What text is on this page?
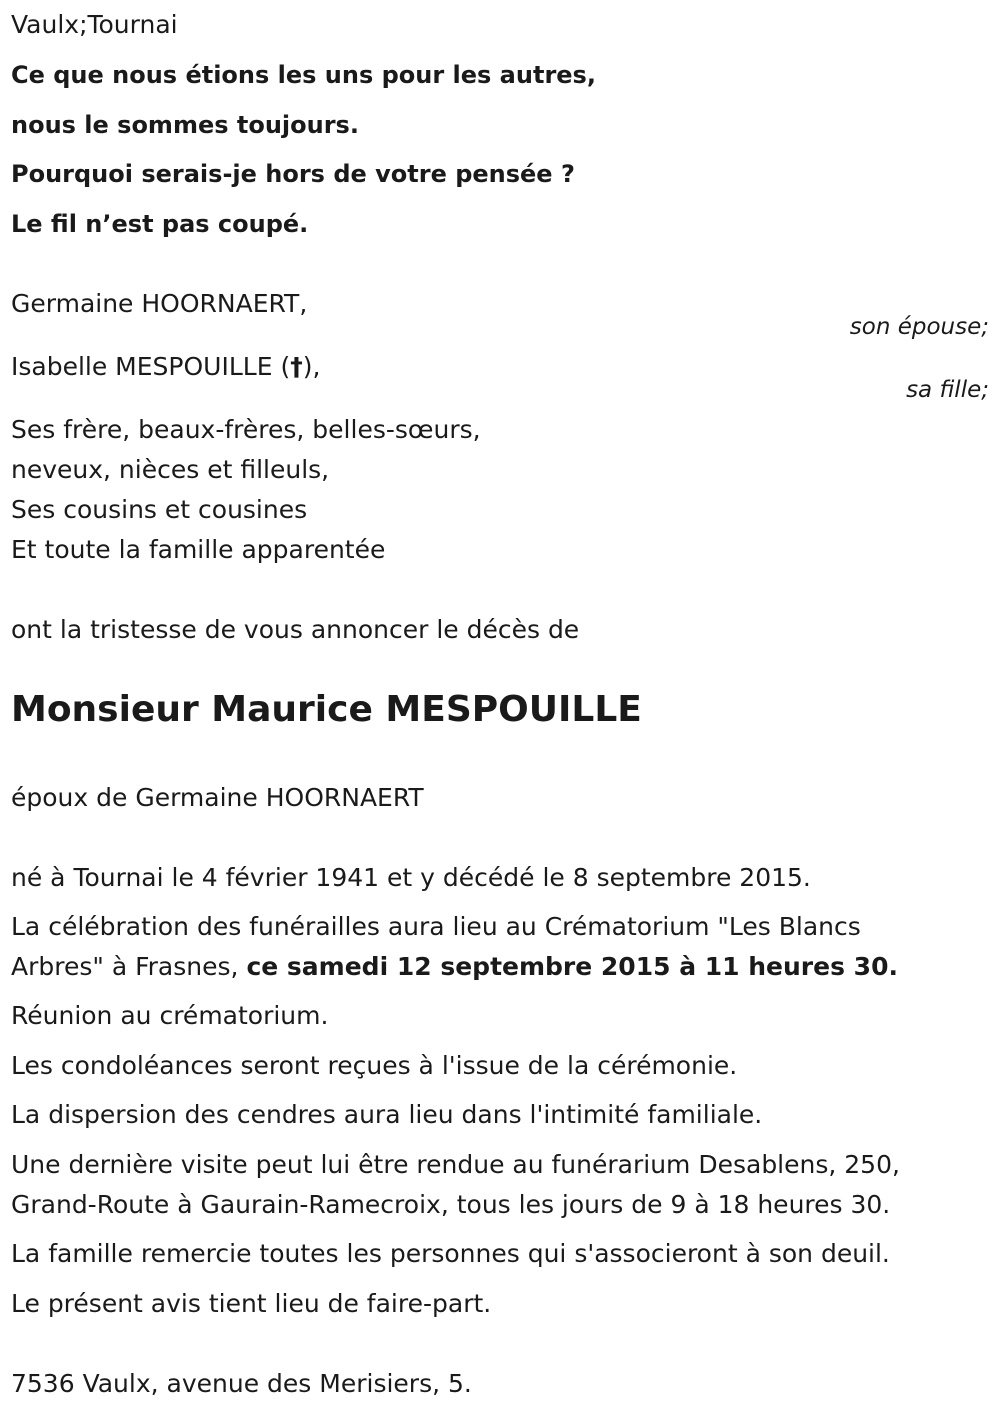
Vaulx;Tournai
Ce que nous étions les uns pour les autres,
nous le sommes toujours.
Pourquoi serais-je hors de votre pensée ?
Le fil n’est pas coupé.
Germaine HOORNAERT,
son épouse;
Isabelle MESPOUILLE (†),
sa fille;
Ses frère, beaux-frères, belles-sœurs,
neveux, nièces et filleuls,
Ses cousins et cousines
Et toute la famille apparentée
ont la tristesse de vous annoncer le décès de
Monsieur Maurice MESPOUILLE
époux de Germaine HOORNAERT
né à Tournai le 4 février 1941 et y décédé le 8 septembre 2015.
La célébration des funérailles aura lieu au Crématorium "Les Blancs
Arbres" à Frasnes, ce samedi 12 septembre 2015 à 11 heures 30.
Réunion au crématorium.
Les condoléances seront reçues à l'issue de la cérémonie.
La dispersion des cendres aura lieu dans l'intimité familiale.
Une dernière visite peut lui être rendue au funérarium Desablens, 250,
Grand-Route à Gaurain-Ramecroix, tous les jours de 9 à 18 heures 30.
La famille remercie toutes les personnes qui s'associeront à son deuil.
Le présent avis tient lieu de faire-part.
7536 Vaulx, avenue des Merisiers, 5.
